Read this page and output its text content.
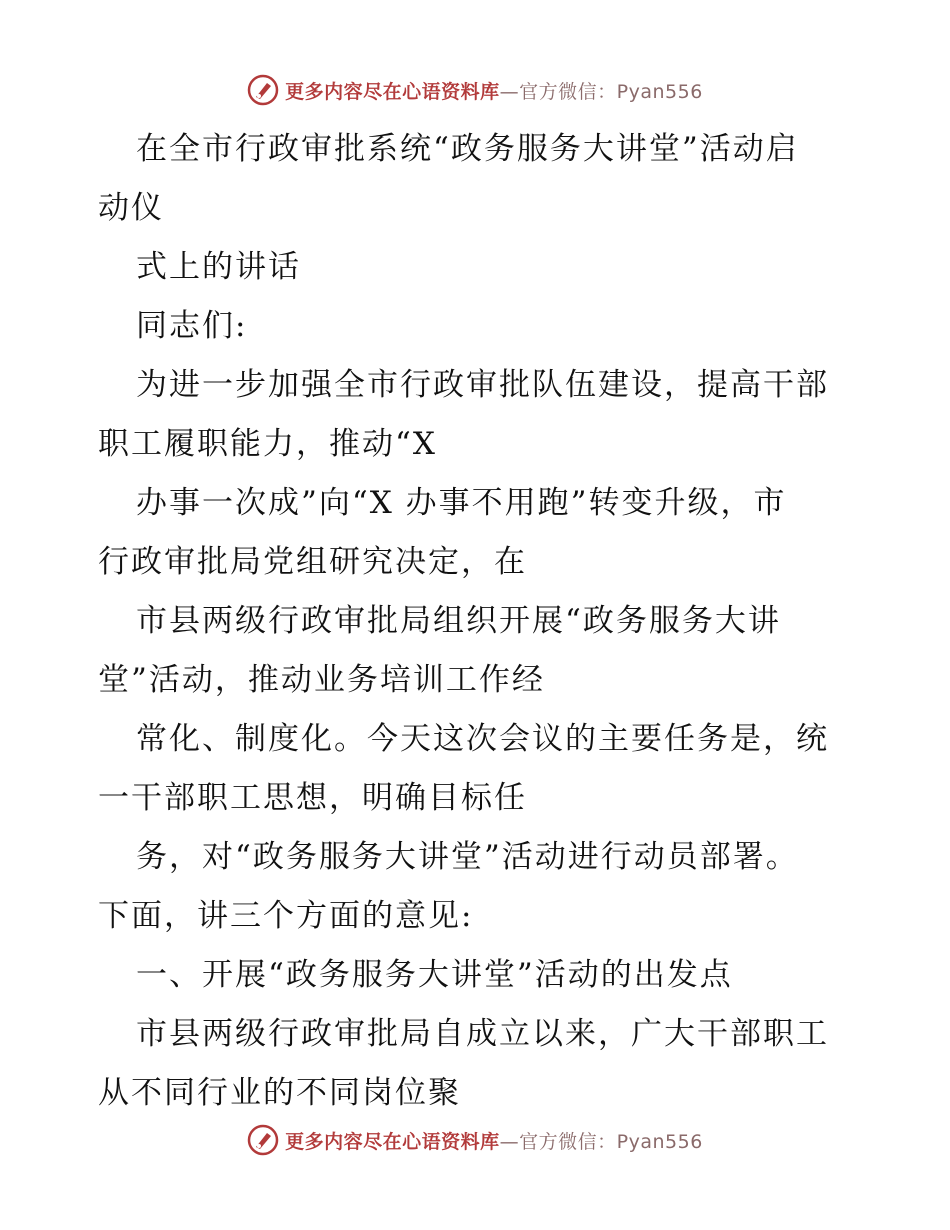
更多内容尽在心语资料库—官方微信：Pyan556
在全市行政审批系统“政务服务大讲堂”活动启
动仪
式上的讲话
同志们:
为进一步加强全市行政审批队伍建设，提高干部
职工履职能力，推动“X
办事一次成”向“X 办事不用跑”转变升级，市
行政审批局党组研究决定，在
市县两级行政审批局组织开展“政务服务大讲
堂”活动，推动业务培训工作经
常化、制度化。今天这次会议的主要任务是，统
一干部职工思想，明确目标任
务，对“政务服务大讲堂”活动进行动员部署。
下面，讲三个方面的意见:
一、开展“政务服务大讲堂”活动的出发点
市县两级行政审批局自成立以来，广大干部职工
从不同行业的不同岗位聚
更多内容尽在心语资料库—官方微信：Pyan556
